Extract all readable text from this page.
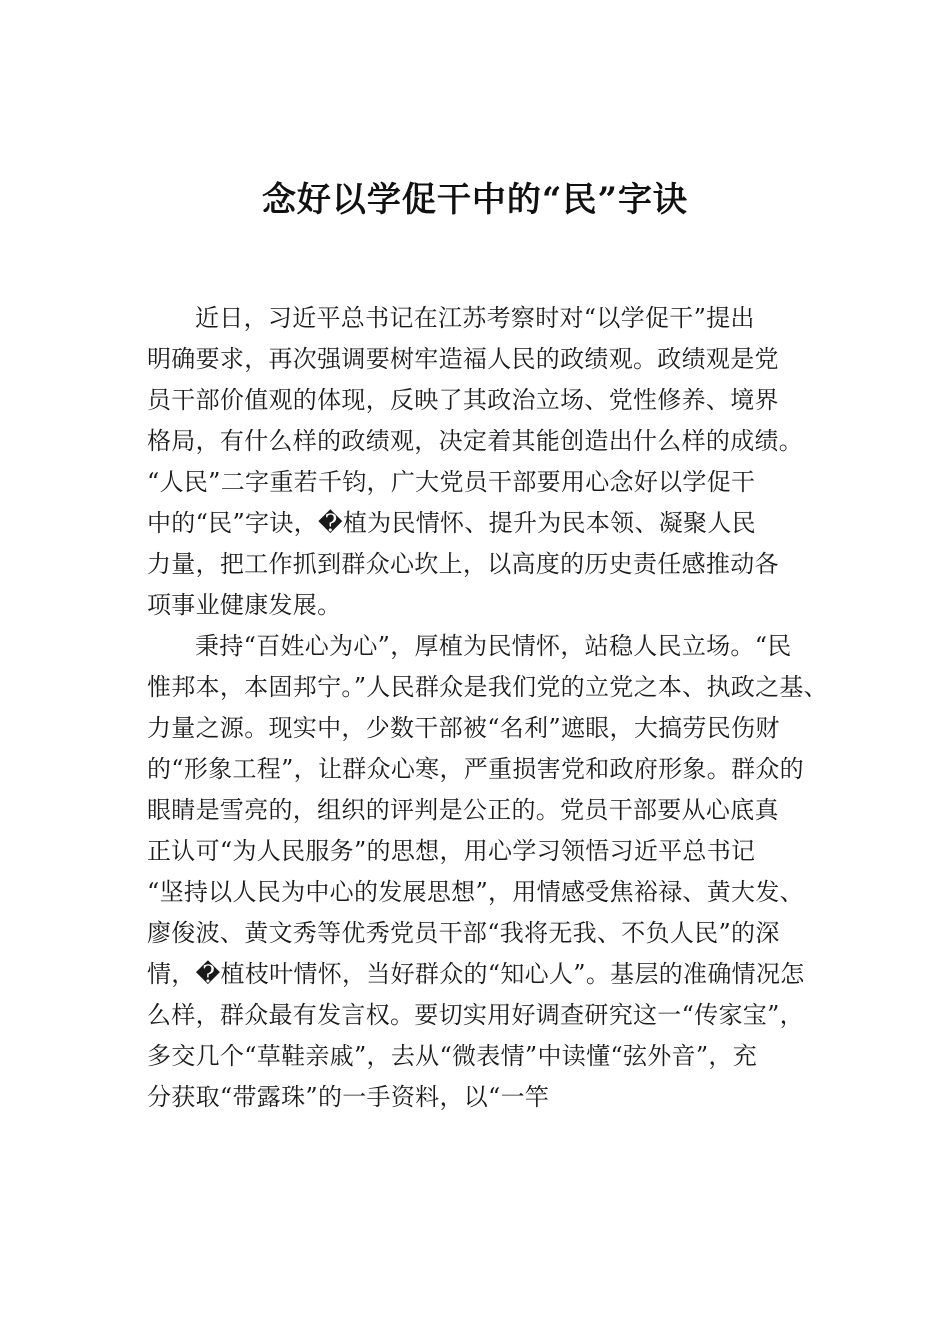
念好以学促干中的“民”字诀
近日，习近平总书记在江苏考察时对“以学促干”提出
明确要求，再次强调要树牢造福人民的政绩观。政绩观是党
员干部价值观的体现，反映了其政治立场、党性修养、境界
格局，有什么样的政绩观，决定着其能创造出什么样的成绩。
“人民”二字重若千钧，广大党员干部要用心念好以学促干
中的“民”字诀，�植为民情怀、提升为民本领、凝聚人民
力量，把工作抓到群众心坎上，以高度的历史责任感推动各
项事业健康发展。
秉持“百姓心为心”，厚植为民情怀，站稳人民立场。“民
惟邦本，本固邦宁。”人民群众是我们党的立党之本、执政之基、
力量之源。现实中，少数干部被“名利”遮眼，大搞劳民伤财
的“形象工程”，让群众心寒，严重损害党和政府形象。群众的
眼睛是雪亮的，组织的评判是公正的。党员干部要从心底真
正认可“为人民服务”的思想，用心学习领悟习近平总书记
“坚持以人民为中心的发展思想”，用情感受焦裕禄、黄大发、
廖俊波、黄文秀等优秀党员干部“我将无我、不负人民”的深
情，�植枝叶情怀，当好群众的“知心人”。基层的准确情况怎
么样，群众最有发言权。要切实用好调查研究这一“传家宝”，
多交几个“草鞋亲戚”，去从“微表情”中读懂“弦外音”，充
分获取“带露珠”的一手资料，以“一竿
